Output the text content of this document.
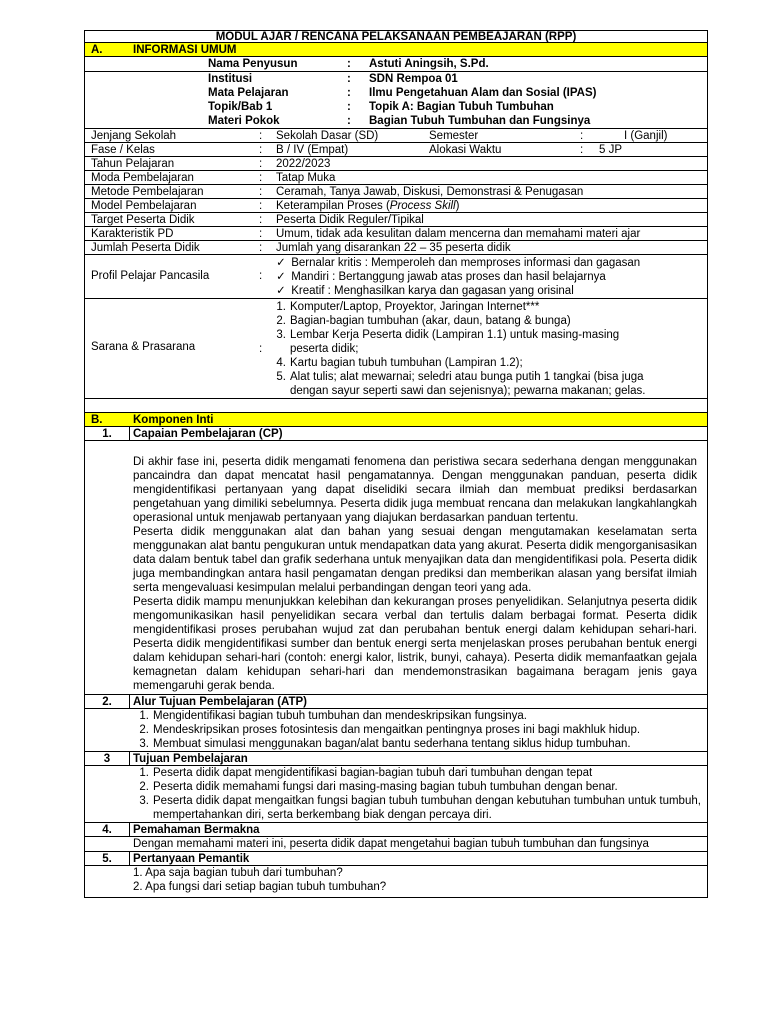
MODUL AJAR / RENCANA PELAKSANAAN PEMBEAJARAN (RPP)
A.	INFORMASI UMUM
Nama Penyusun	: Astuti Aningsih, S.Pd.
Institusi	: SDN Rempoa 01
Mata Pelajaran	: Ilmu Pengetahuan Alam dan Sosial (IPAS)
Topik/Bab 1	: Topik A: Bagian Tubuh Tumbuhan
Materi Pokok	: Bagian Tubuh Tumbuhan dan Fungsinya
Jenjang Sekolah	: Sekolah Dasar (SD)	Semester	:	I (Ganjil)
Fase / Kelas	: B / IV (Empat)	Alokasi Waktu	: 5 JP
Tahun Pelajaran	: 2022/2023
Moda Pembelajaran	: Tatap Muka
Metode Pembelajaran	: Ceramah, Tanya Jawab, Diskusi, Demonstrasi & Penugasan
Model Pembelajaran	: Keterampilan Proses (Process Skill)
Target Peserta Didik	: Peserta Didik Reguler/Tipikal
Karakteristik PD	: Umum, tidak ada kesulitan dalam mencerna dan memahami materi ajar
Jumlah Peserta Didik	: Jumlah yang disarankan 22 – 35 peserta didik
Profil Pelajar Pancasila	:
✓ Bernalar kritis : Memperoleh dan memproses informasi dan gagasan
✓ Mandiri : Bertanggung jawab atas proses dan hasil belajarnya
✓ Kreatif : Menghasilkan karya dan gagasan yang orisinal
Sarana & Prasarana	:
1. Komputer/Laptop, Proyektor, Jaringan Internet***
2. Bagian-bagian tumbuhan (akar, daun, batang & bunga)
3. Lembar Kerja Peserta didik (Lampiran 1.1) untuk masing-masing
peserta didik;
4. Kartu bagian tubuh tumbuhan (Lampiran 1.2);
5. Alat tulis; alat mewarnai; seledri atau bunga putih 1 tangkai (bisa juga
dengan sayur seperti sawi dan sejenisnya); pewarna makanan; gelas.
B.	Komponen Inti
1.	Capaian Pembelajaran (CP)

Di akhir fase ini, peserta didik mengamati fenomena dan peristiwa secara sederhana dengan menggunakan pancaindra dan dapat mencatat hasil pengamatannya. Dengan menggunakan panduan, peserta didik mengidentifikasi pertanyaan yang dapat diselidiki secara ilmiah dan membuat prediksi berdasarkan pengetahuan yang dimiliki sebelumnya. Peserta didik juga membuat rencana dan melakukan langkahlangkah operasional untuk menjawab pertanyaan yang diajukan berdasarkan panduan tertentu.

Peserta didik menggunakan alat dan bahan yang sesuai dengan mengutamakan keselamatan serta menggunakan alat bantu pengukuran untuk mendapatkan data yang akurat. Peserta didik mengorganisasikan data dalam bentuk tabel dan grafik sederhana untuk menyajikan data dan mengidentifikasi pola. Peserta didik juga membandingkan antara hasil pengamatan dengan prediksi dan memberikan alasan yang bersifat ilmiah serta mengevaluasi kesimpulan melalui perbandingan dengan teori yang ada.

Peserta didik mampu menunjukkan kelebihan dan kekurangan proses penyelidikan. Selanjutnya peserta didik mengomunikasikan hasil penyelidikan secara verbal dan tertulis dalam berbagai format. Peserta didik mengidentifikasi proses perubahan wujud zat dan perubahan bentuk energi dalam kehidupan sehari-hari. Peserta didik mengidentifikasi sumber dan bentuk energi serta menjelaskan proses perubahan bentuk energi dalam kehidupan sehari-hari (contoh: energi kalor, listrik, bunyi, cahaya). Peserta didik memanfaatkan gejala kemagnetan dalam kehidupan sehari-hari dan mendemonstrasikan bagaimana beragam jenis gaya memengaruhi gerak benda.

2.	Alur Tujuan Pembelajaran (ATP)
1. Mengidentifikasi bagian tubuh tumbuhan dan mendeskripsikan fungsinya.
2. Mendeskripsikan proses fotosintesis dan mengaitkan pentingnya proses ini bagi makhluk hidup.
3. Membuat simulasi menggunakan bagan/alat bantu sederhana tentang siklus hidup tumbuhan.
3	Tujuan Pembelajaran
1. Peserta didik dapat mengidentifikasi bagian-bagian tubuh dari tumbuhan dengan tepat
2. Peserta didik memahami fungsi dari masing-masing bagian tubuh tumbuhan dengan benar.
3. Peserta didik dapat mengaitkan fungsi bagian tubuh tumbuhan dengan kebutuhan tumbuhan untuk tumbuh,
mempertahankan diri, serta berkembang biak dengan percaya diri.
4.	Pemahaman Bermakna
Dengan memahami materi ini, peserta didik dapat mengetahui bagian tubuh tumbuhan dan fungsinya
5.	Pertanyaan Pemantik
1. Apa saja bagian tubuh dari tumbuhan?
2. Apa fungsi dari setiap bagian tubuh tumbuhan?
